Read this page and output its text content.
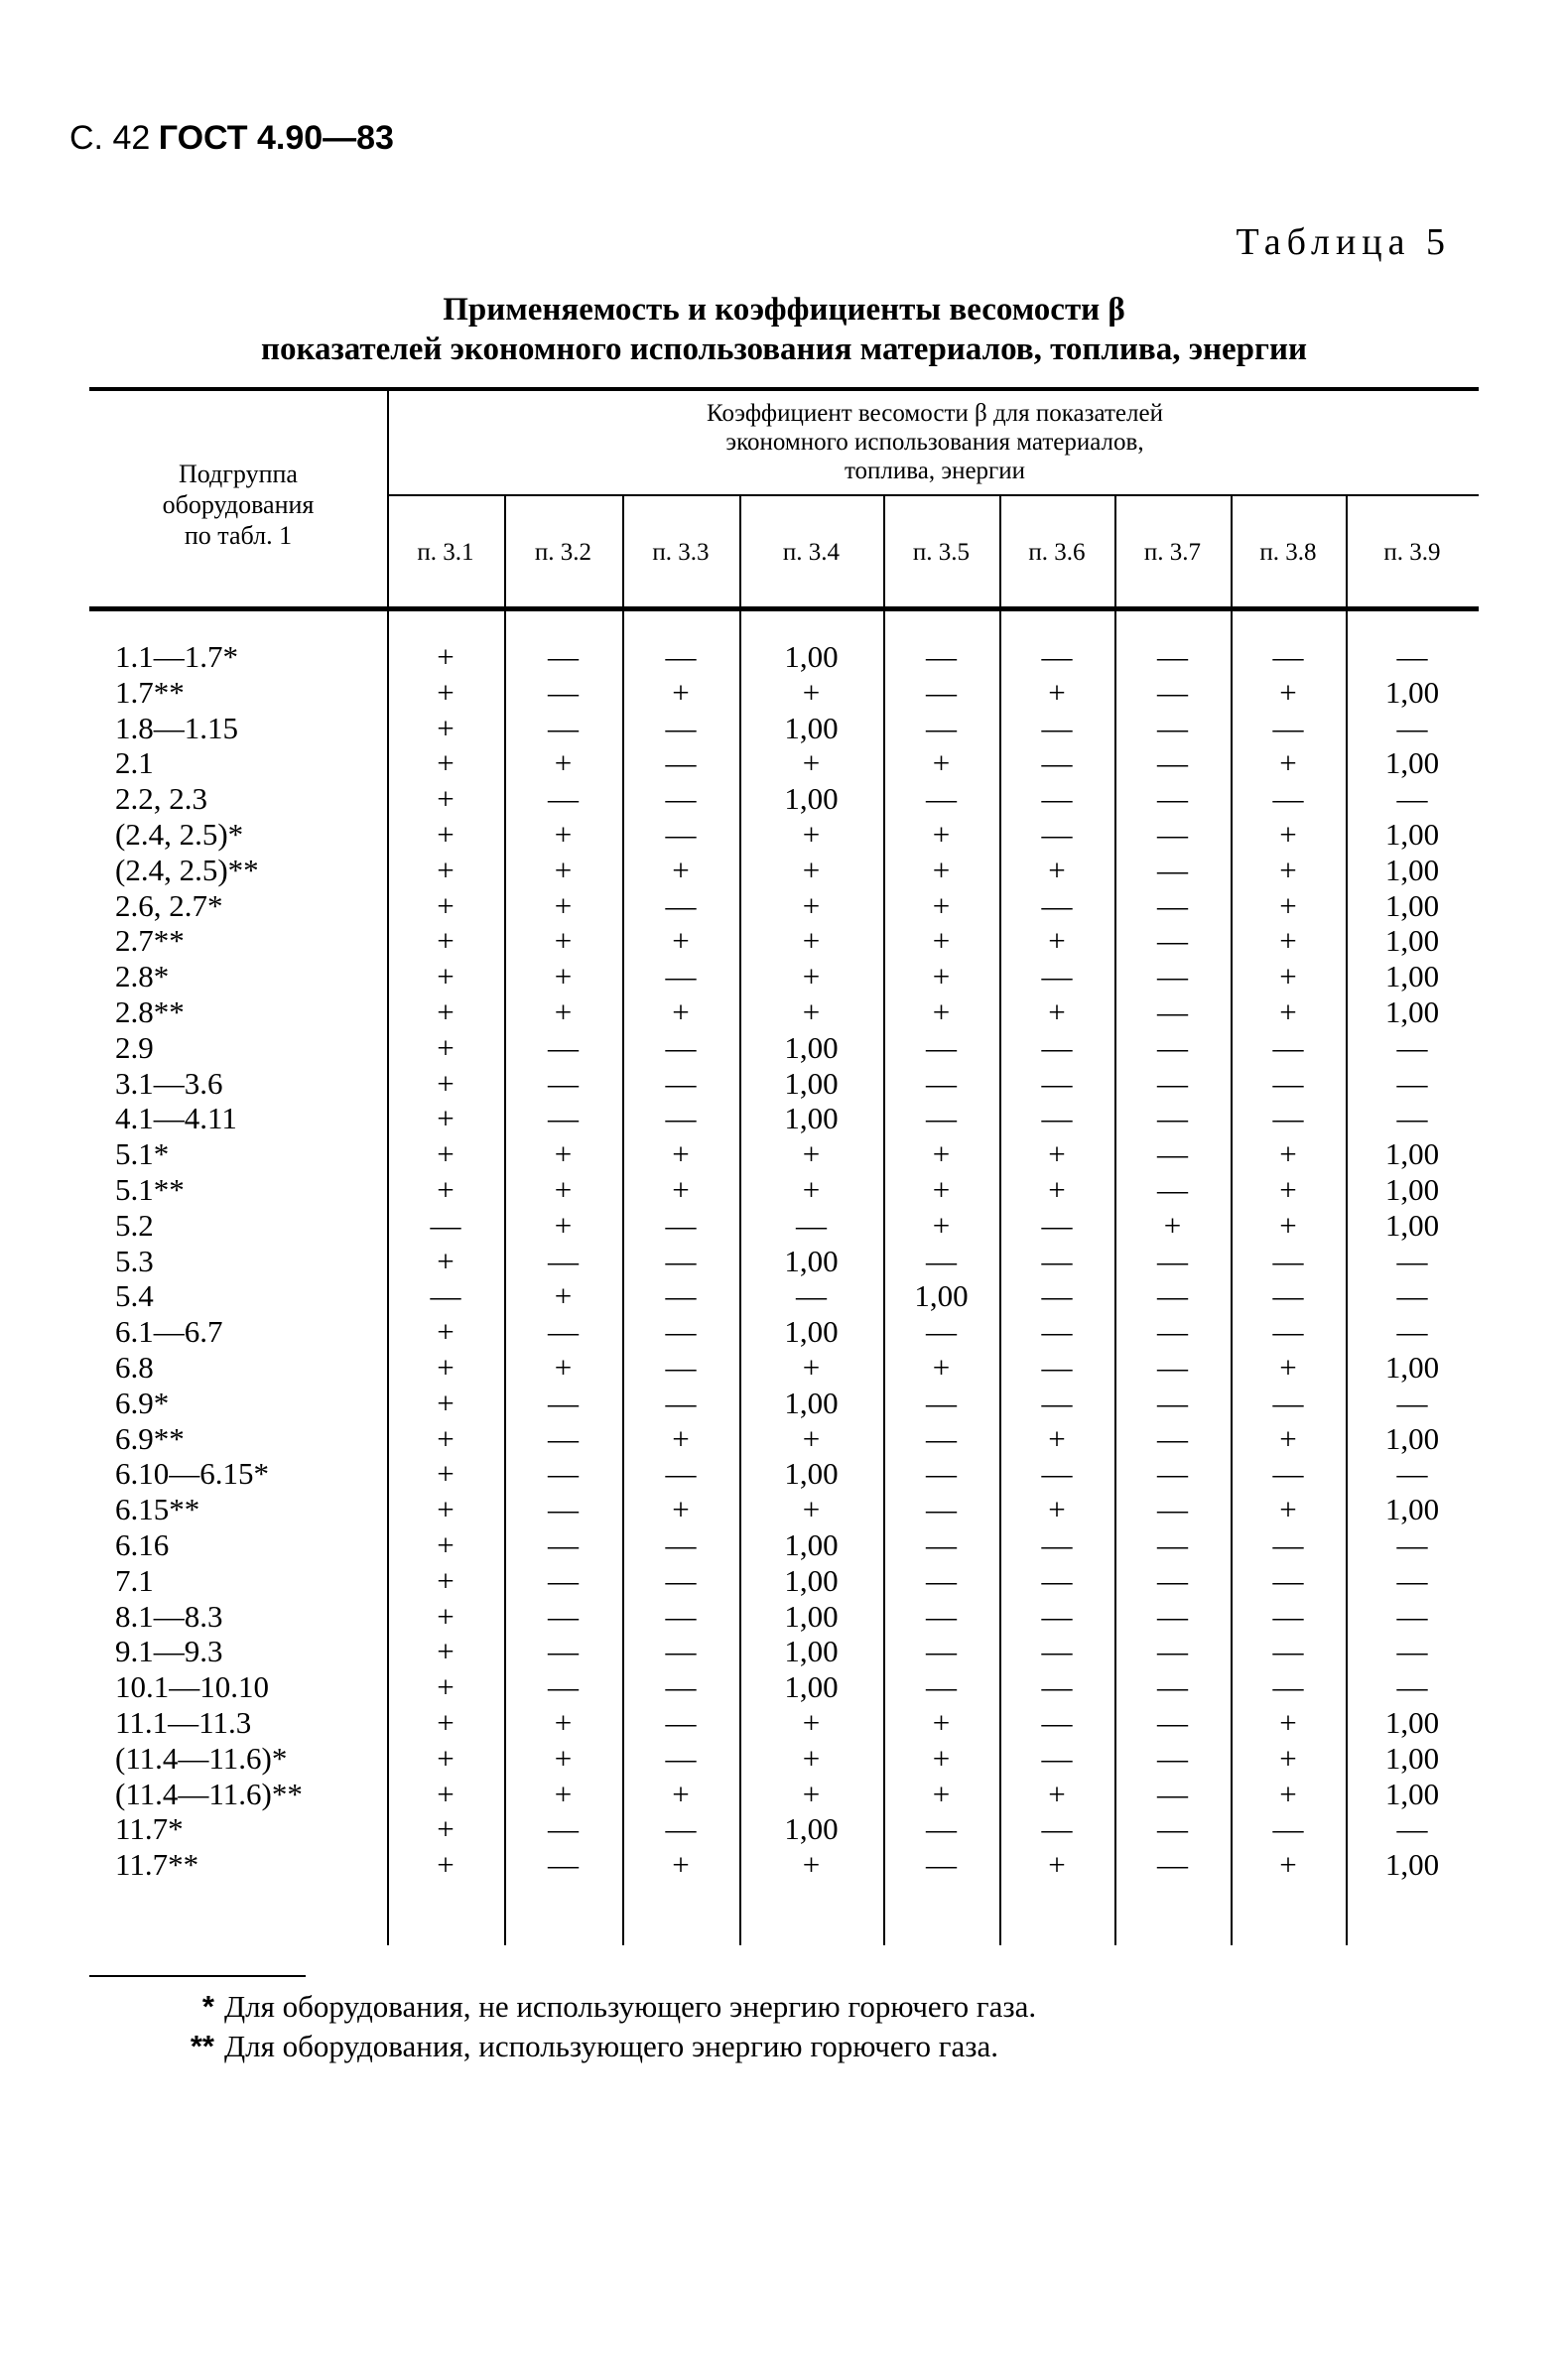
С. 42 ГОСТ 4.90—83
Таблица 5
Применяемость и коэффициенты весомости β
показателей экономного использования материалов, топлива, энергии
Подгруппа
оборудования
по табл. 1
Коэффициент весомости β для показателей
экономного использования материалов,
топлива, энергии
п. 3.1	п. 3.2	п. 3.3	п. 3.4	п. 3.5	п. 3.6	п. 3.7	п. 3.8	п. 3.9
1.1—1.7*	+	—	—	1,00	—	—	—	—	—
1.7**	+	—	+	+	—	+	—	+	1,00
1.8—1.15	+	—	—	1,00	—	—	—	—	—
2.1	+	+	—	+	+	—	—	+	1,00
2.2, 2.3	+	—	—	1,00	—	—	—	—	—
(2.4, 2.5)*	+	+	—	+	+	—	—	+	1,00
(2.4, 2.5)**	+	+	+	+	+	+	—	+	1,00
2.6, 2.7*	+	+	—	+	+	—	—	+	1,00
2.7**	+	+	+	+	+	+	—	+	1,00
2.8*	+	+	—	+	+	—	—	+	1,00
2.8**	+	+	+	+	+	+	—	+	1,00
2.9	+	—	—	1,00	—	—	—	—	—
3.1—3.6	+	—	—	1,00	—	—	—	—	—
4.1—4.11	+	—	—	1,00	—	—	—	—	—
5.1*	+	+	+	+	+	+	—	+	1,00
5.1**	+	+	+	+	+	+	—	+	1,00
5.2	—	+	—	—	+	—	+	+	1,00
5.3	+	—	—	1,00	—	—	—	—	—
5.4	—	+	—	—	1,00	—	—	—	—
6.1—6.7	+	—	—	1,00	—	—	—	—	—
6.8	+	+	—	+	+	—	—	+	1,00
6.9*	+	—	—	1,00	—	—	—	—	—
6.9**	+	—	+	+	—	+	—	+	1,00
6.10—6.15*	+	—	—	1,00	—	—	—	—	—
6.15**	+	—	+	+	—	+	—	+	1,00
6.16	+	—	—	1,00	—	—	—	—	—
7.1	+	—	—	1,00	—	—	—	—	—
8.1—8.3	+	—	—	1,00	—	—	—	—	—
9.1—9.3	+	—	—	1,00	—	—	—	—	—
10.1—10.10	+	—	—	1,00	—	—	—	—	—
11.1—11.3	+	+	—	+	+	—	—	+	1,00
(11.4—11.6)*	+	+	—	+	+	—	—	+	1,00
(11.4—11.6)**	+	+	+	+	+	+	—	+	1,00
11.7*	+	—	—	1,00	—	—	—	—	—
11.7**	+	—	+	+	—	+	—	+	1,00
* Для оборудования, не использующего энергию горючего газа.
** Для оборудования, использующего энергию горючего газа.
